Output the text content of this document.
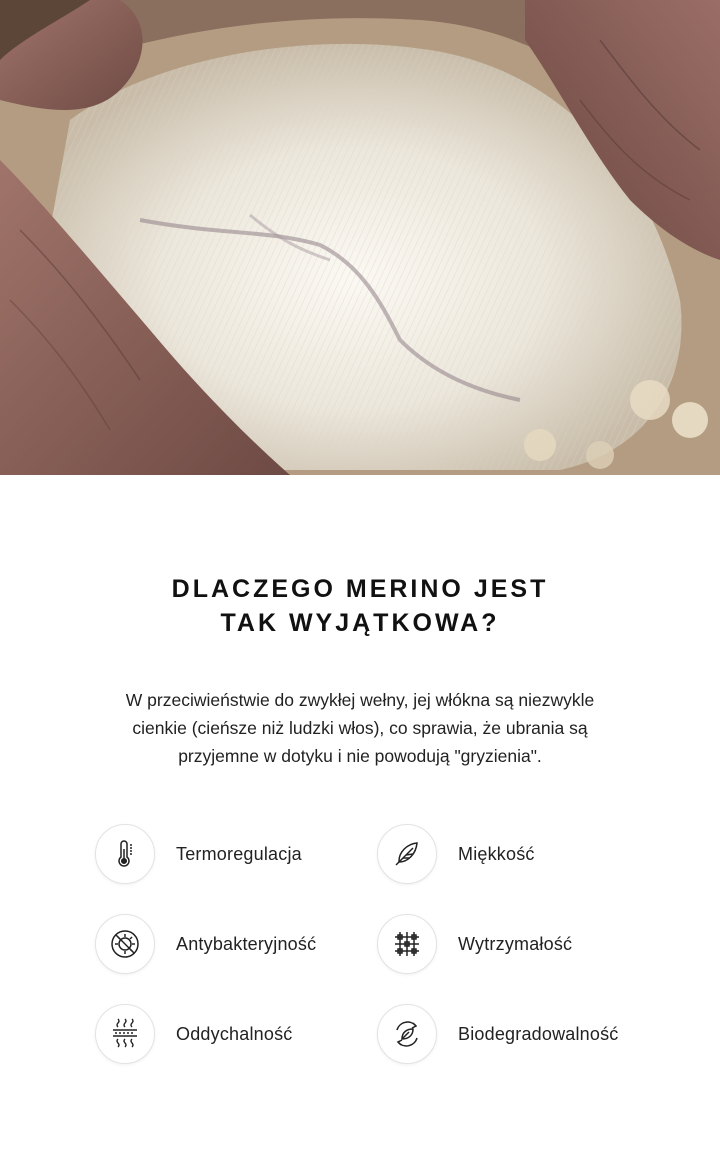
DLACZEGO MERINO JEST
TAK WYJĄTKOWA?
W przeciwieństwie do zwykłej wełny, jej włókna są niezwykle
cienkie (cieńsze niż ludzki włos), co sprawia, że ubrania są
przyjemne w dotyku i nie powodują "gryzienia".
Termoregulacja	Miękkość
Antybakteryjność	Wytrzymałość
Oddychalność	Biodegradowalność
